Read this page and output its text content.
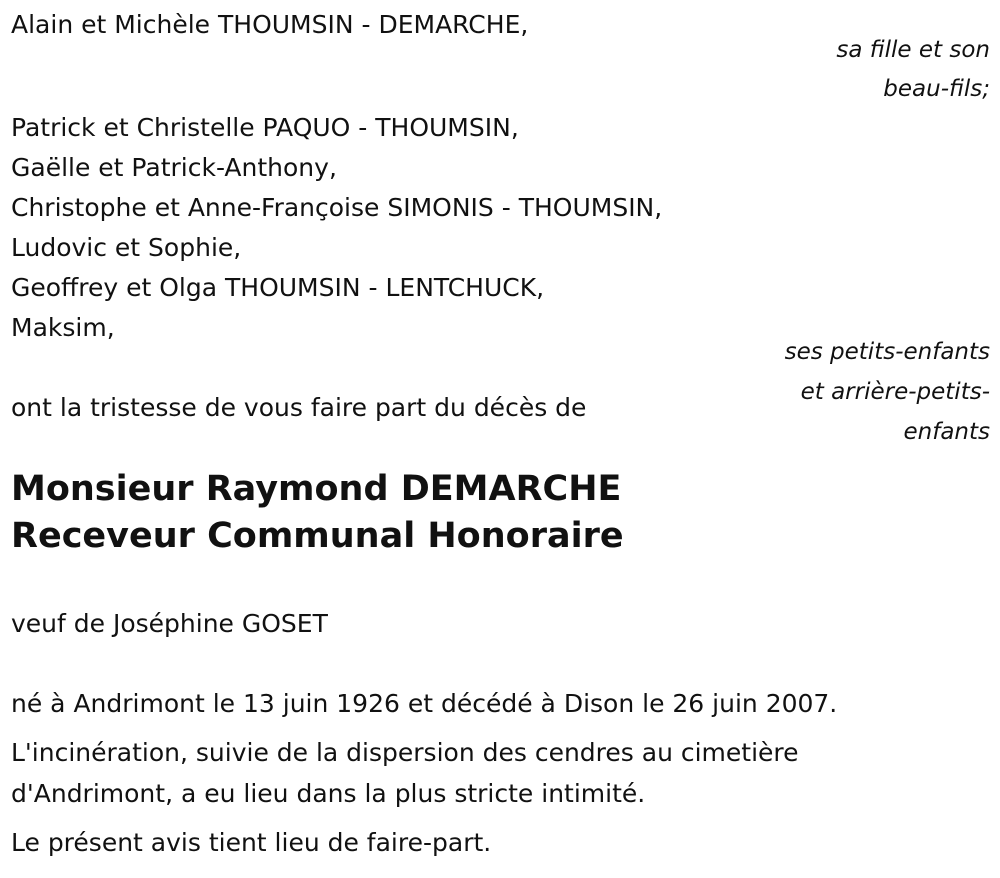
Alain et Michèle THOUMSIN - DEMARCHE,
sa fille et son
beau-fils;
Patrick et Christelle PAQUO - THOUMSIN,
Gaëlle et Patrick-Anthony,
Christophe et Anne-Françoise SIMONIS - THOUMSIN,
Ludovic et Sophie,
Geoffrey et Olga THOUMSIN - LENTCHUCK,
Maksim,
ses petits-enfants
et arrière-petits-
enfants
ont la tristesse de vous faire part du décès de
Monsieur Raymond DEMARCHE
Receveur Communal Honoraire
veuf de Joséphine GOSET
né à Andrimont le 13 juin 1926 et décédé à Dison le 26 juin 2007.
L'incinération, suivie de la dispersion des cendres au cimetière
d'Andrimont, a eu lieu dans la plus stricte intimité.
Le présent avis tient lieu de faire-part.
